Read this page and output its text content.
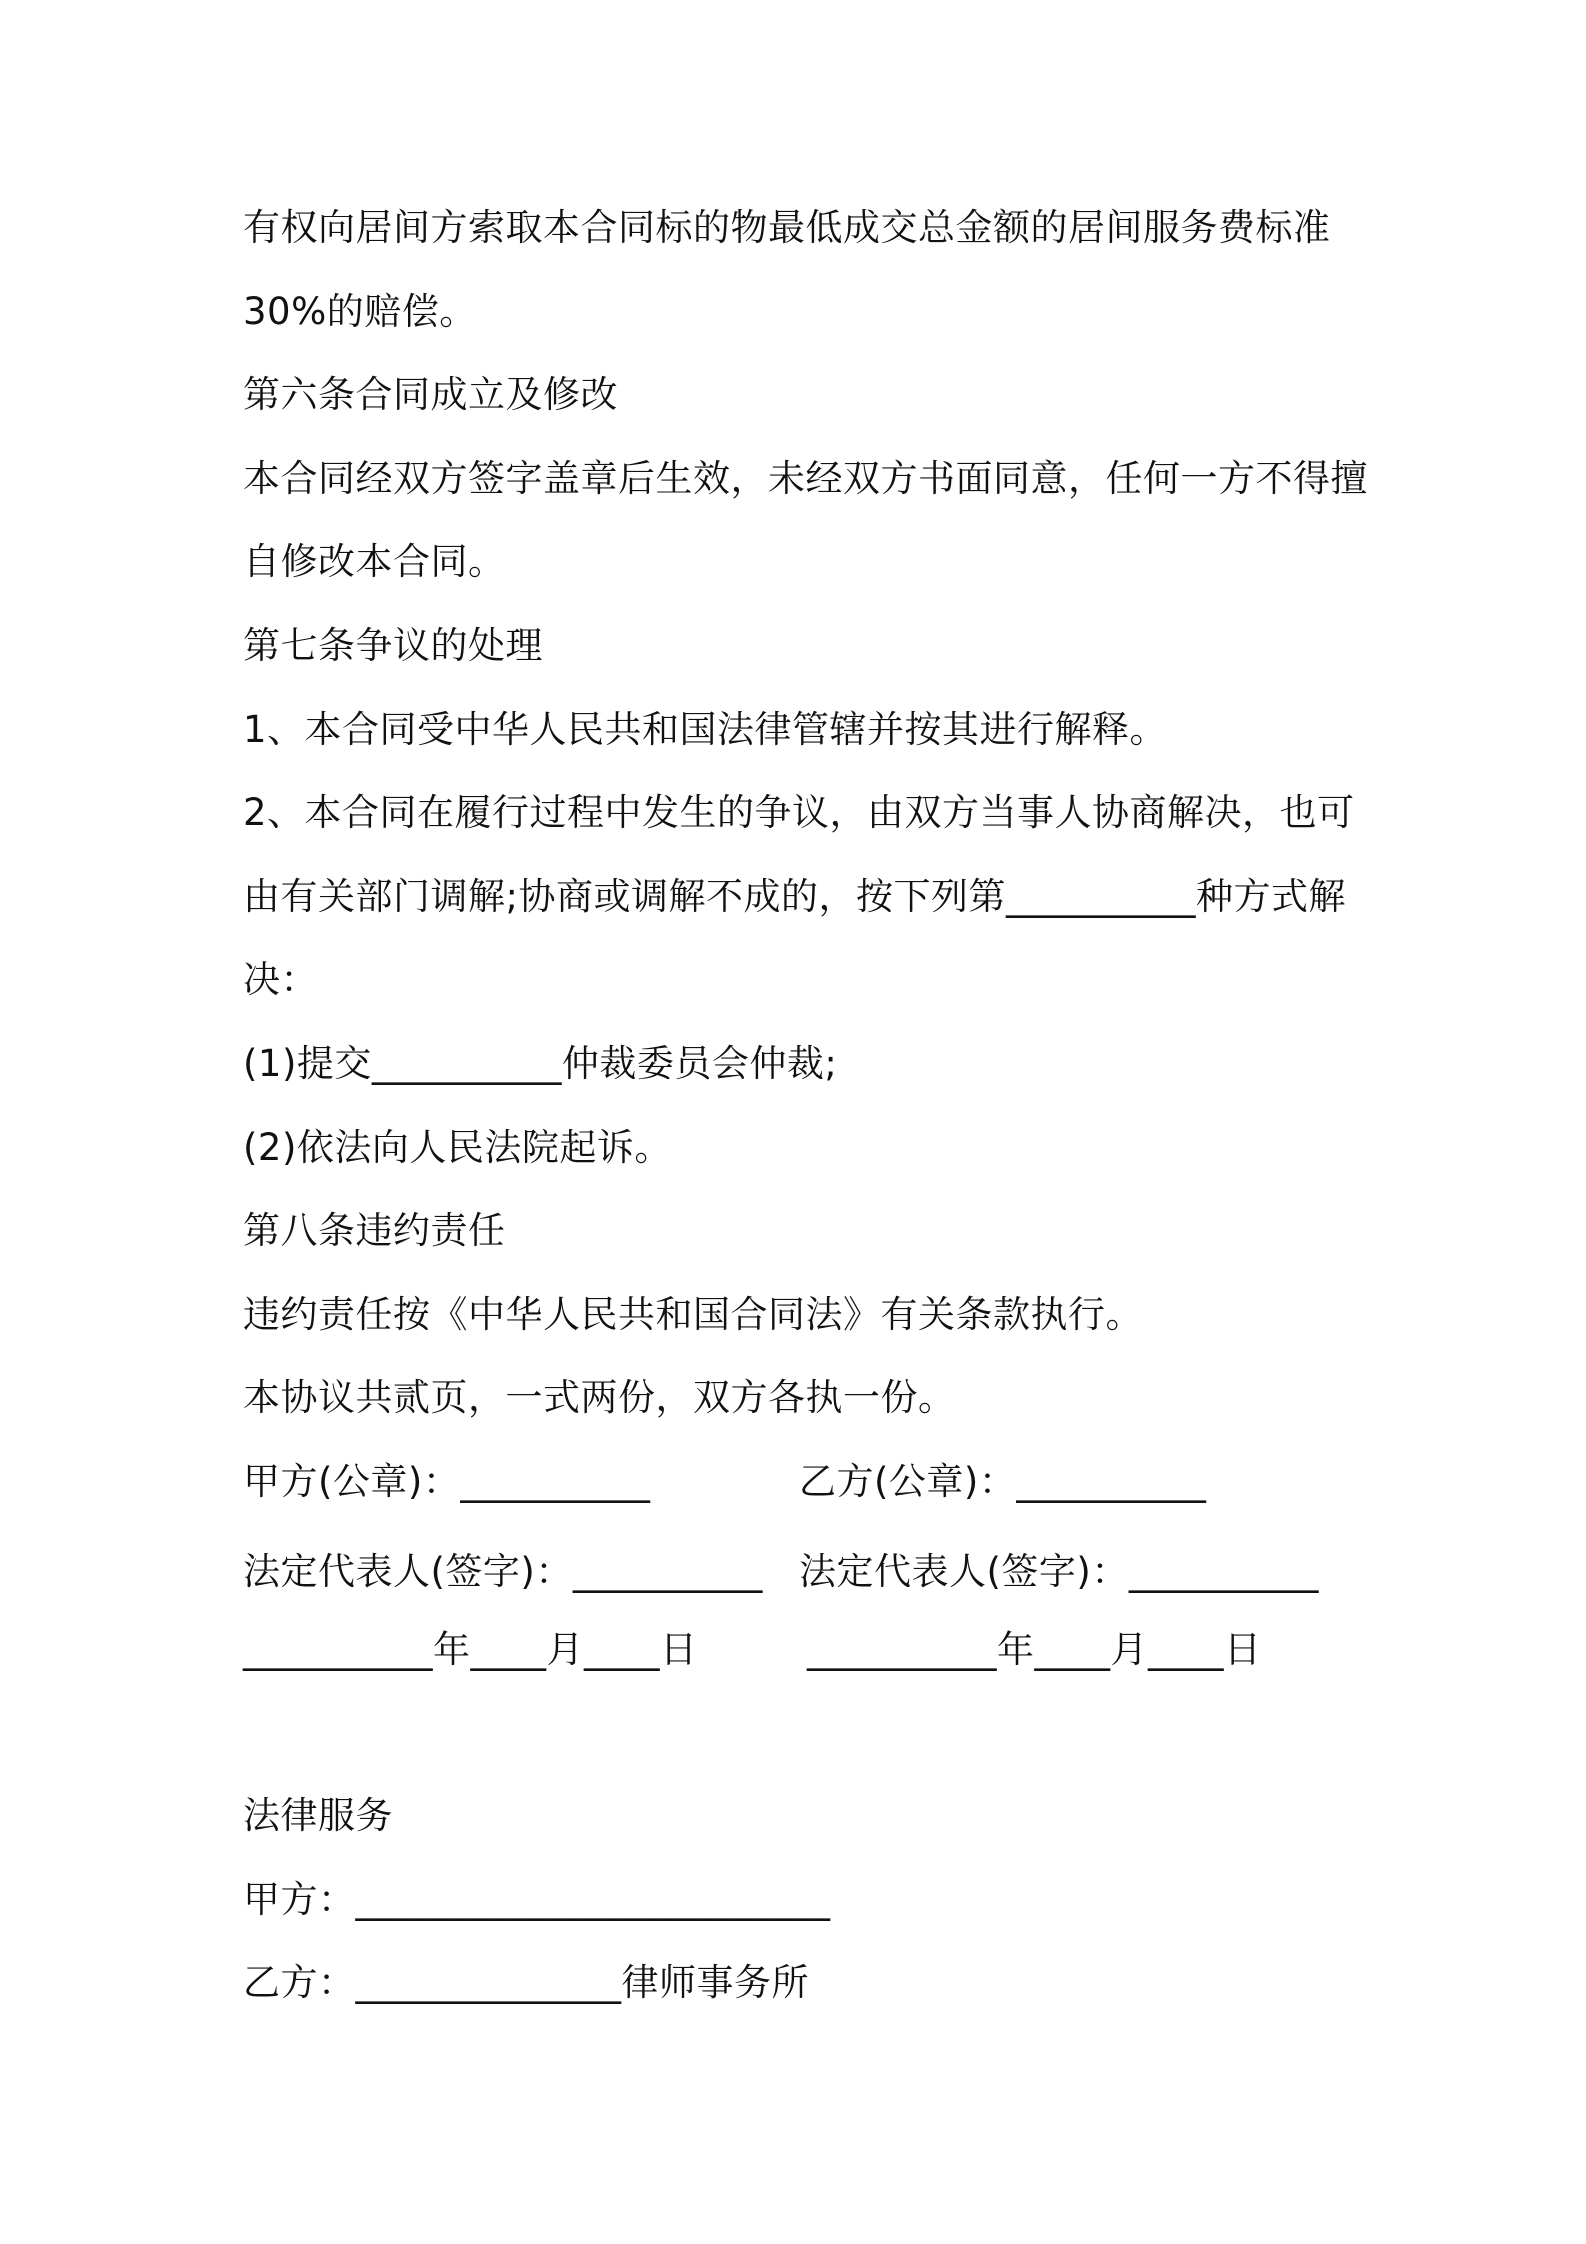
有权向居间方索取本合同标的物最低成交总金额的居间服务费标准
30%的赔偿。
第六条合同成立及修改
本合同经双方签字盖章后生效，未经双方书面同意，任何一方不得擅
自修改本合同。
第七条争议的处理
1、本合同受中华人民共和国法律管辖并按其进行解释。
2、本合同在履行过程中发生的争议，由双方当事人协商解决，也可
由有关部门调解;协商或调解不成的，按下列第__________种方式解
决：
(1)提交__________仲裁委员会仲裁;
(2)依法向人民法院起诉。
第八条违约责任
违约责任按《中华人民共和国合同法》有关条款执行。
本协议共贰页，一式两份，双方各执一份。
甲方(公章)：__________	乙方(公章)：__________
法定代表人(签字)：__________ 法定代表人(签字)：__________
__________年____月____日	__________年____月____日
法律服务
甲方：_________________________
乙方：______________律师事务所
